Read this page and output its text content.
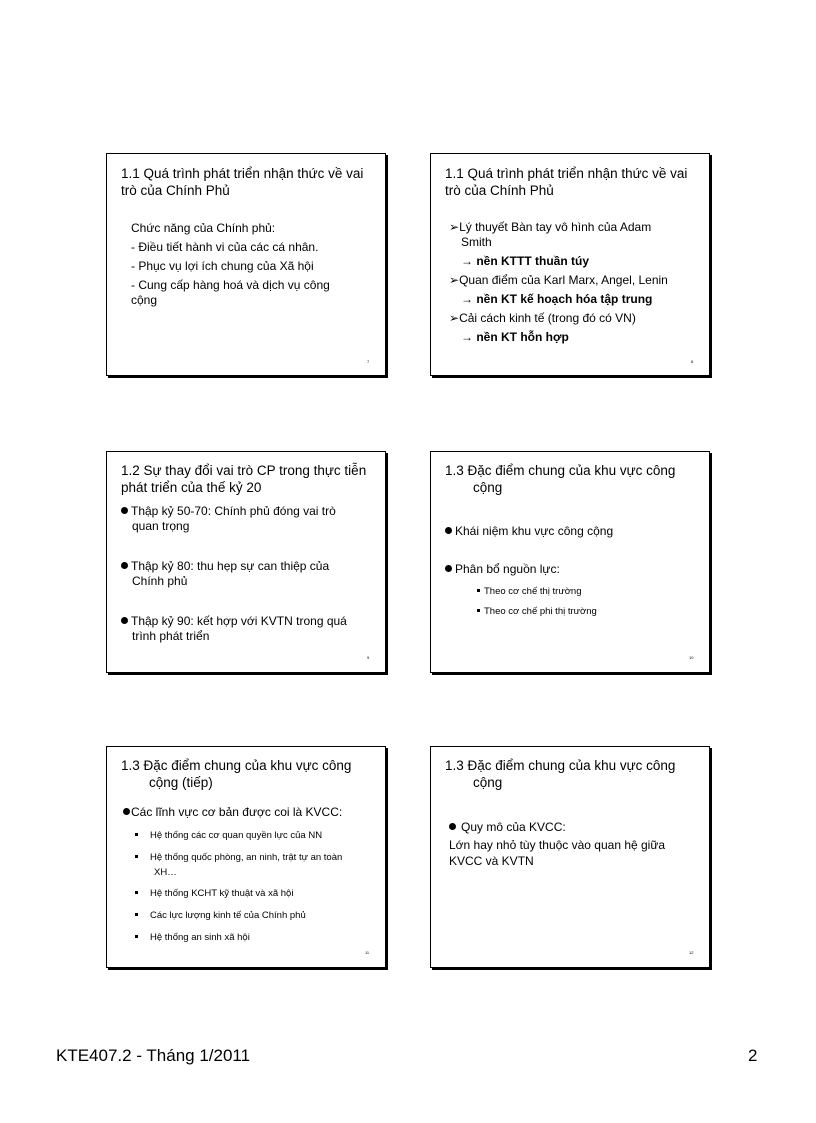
1.1 Quá trình phát triển nhận thức về vai
trò của Chính Phủ
Chức năng của Chính phủ:
- Điều tiết hành vi của các cá nhân.
- Phục vụ lợi ích chung của Xã hội
- Cung cấp hàng hoá và dịch vụ công
cộng
7
1.1 Quá trình phát triển nhận thức về vai
trò của Chính Phủ
➢Lý thuyết Bàn tay vô hình của Adam
Smith
→ nền KTTT thuần túy
➢Quan điểm của Karl Marx, Angel, Lenin
→ nền KT kế hoạch hóa tập trung
➢Cải cách kinh tế (trong đó có VN)
→ nền KT hỗn hợp
8
1.2 Sự thay đổi vai trò CP trong thực tiễn
phát triển của thế kỷ 20
Thập kỷ 50-70: Chính phủ đóng vai trò
quan trọng
Thập kỷ 80: thu hẹp sự can thiệp của
Chính phủ
Thập kỷ 90: kết hợp với KVTN trong quá
trình phát triển
9
1.3 Đặc điểm chung của khu vực công
cộng
Khái niệm khu vực công cộng
Phân bổ nguồn lực:
Theo cơ chế thị trường
Theo cơ chế phi thị trường
10
1.3 Đặc điểm chung của khu vực công
cộng (tiếp)
Các lĩnh vực cơ bản được coi là KVCC:
Hệ thống các cơ quan quyền lực của NN
Hệ thống quốc phòng, an ninh, trật tự an toàn
XH…
Hệ thống KCHT kỹ thuật và xã hội
Các lực lượng kinh tế của Chính phủ
Hệ thống an sinh xã hội
11
1.3 Đặc điểm chung của khu vực công
cộng
Quy mô của KVCC:
Lớn hay nhỏ tùy thuộc vào quan hệ giữa
KVCC và KVTN
12
KTE407.2 - Tháng 1/2011	2
